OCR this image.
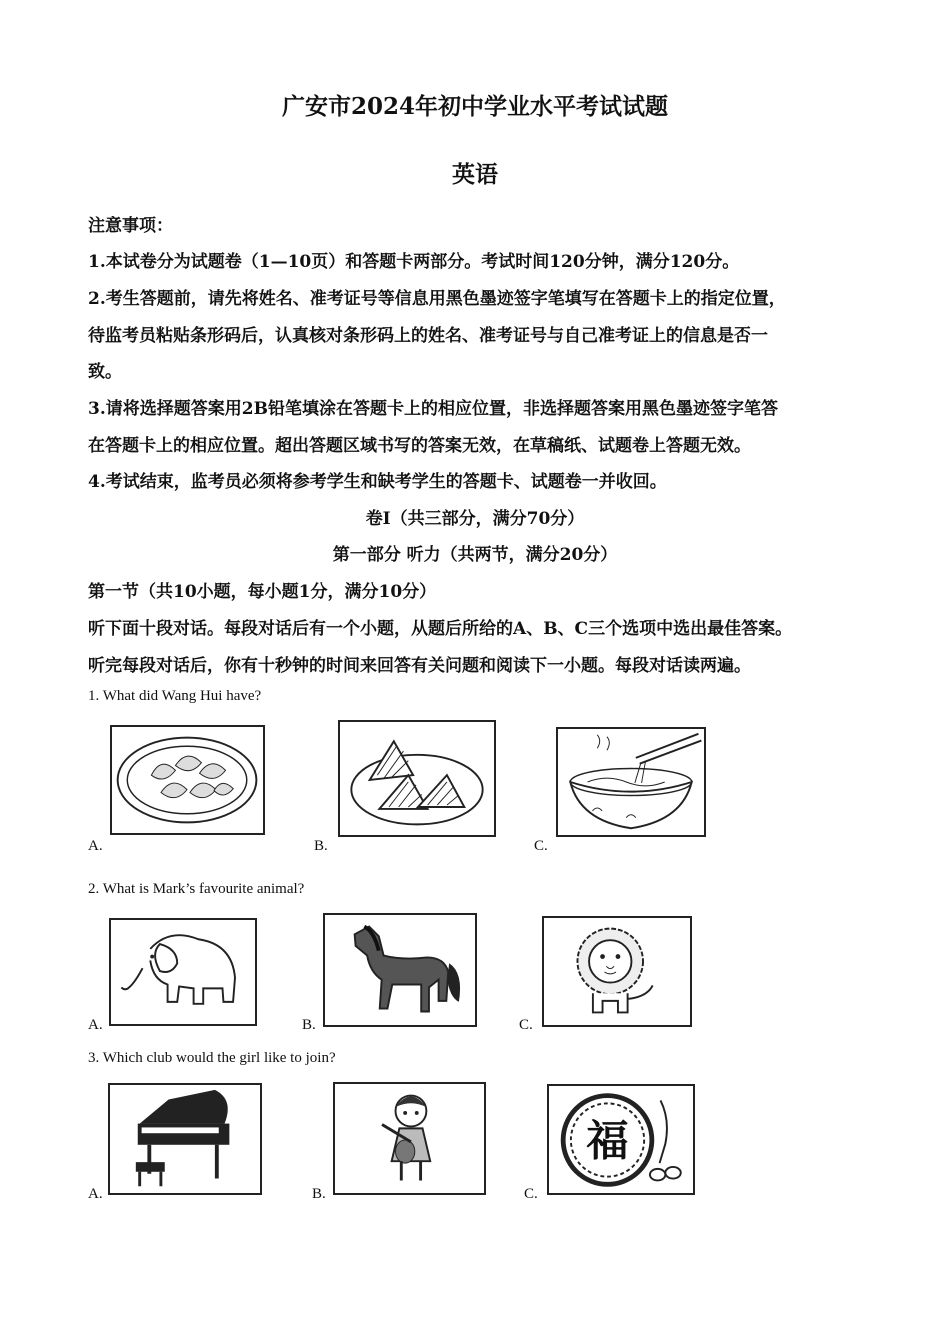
广安市2024年初中学业水平考试试题
英语
注意事项：
1.本试卷分为试题卷（1—10页）和答题卡两部分。考试时间120分钟，满分120分。
2.考生答题前，请先将姓名、准考证号等信息用黑色墨迹签字笔填写在答题卡上的指定位置，
待监考员粘贴条形码后，认真核对条形码上的姓名、准考证号与自己准考证上的信息是否一
致。
3.请将选择题答案用2B铅笔填涂在答题卡上的相应位置，非选择题答案用黑色墨迹签字笔答
在答题卡上的相应位置。超出答题区域书写的答案无效，在草稿纸、试题卷上答题无效。
4.考试结束，监考员必须将参考学生和缺考学生的答题卡、试题卷一并收回。
卷Ⅰ（共三部分，满分70分）
第一部分 听力（共两节，满分20分）
第一节（共10小题，每小题1分，满分10分）
听下面十段对话。每段对话后有一个小题，从题后所给的A、B、C三个选项中选出最佳答案。
听完每段对话后，你有十秒钟的时间来回答有关问题和阅读下一小题。每段对话读两遍。
1. What did Wang Hui have?
A.	B.	C.
2. What is Mark’s favourite animal?
A.	B.	C.
3. Which club would the girl like to join?
福
A.	B.	C.
